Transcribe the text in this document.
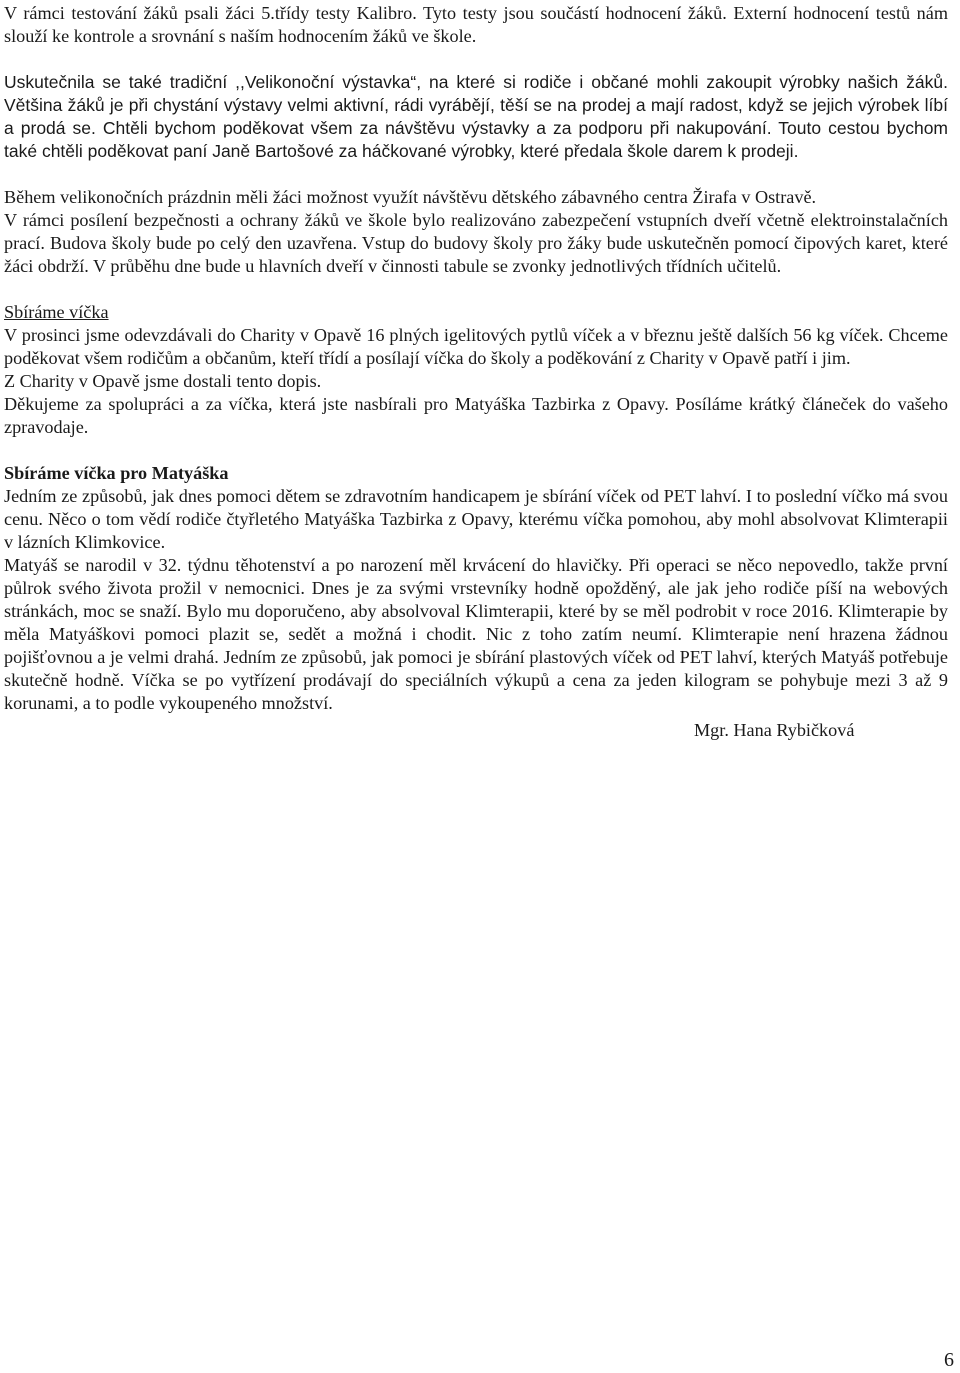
V rámci testování žáků psali žáci 5.třídy testy Kalibro. Tyto testy jsou součástí hodnocení žáků. Externí hodnocení testů nám slouží ke kontrole a srovnání s naším hodnocením žáků ve škole.

Uskutečnila se také tradiční ,,Velikonoční výstavka“, na které si rodiče i občané mohli zakoupit výrobky našich žáků. Většina žáků je při chystání výstavy velmi aktivní, rádi vyrábějí, těší se na prodej a mají radost, když se jejich výrobek líbí a prodá se. Chtěli bychom poděkovat všem za návštěvu výstavky a za podporu při nakupování. Touto cestou bychom také chtěli poděkovat paní Janě Bartošové za háčkované výrobky, které předala škole darem k prodeji.

Během velikonočních prázdnin měli žáci možnost využít návštěvu dětského zábavného centra Žirafa v Ostravě.

V rámci posílení bezpečnosti a ochrany žáků ve škole bylo realizováno zabezpečení vstupních dveří včetně elektroinstalačních prací. Budova školy bude po celý den uzavřena. Vstup do budovy školy pro žáky bude uskutečněn pomocí čipových karet, které žáci obdrží. V průběhu dne bude u hlavních dveří v činnosti tabule se zvonky jednotlivých třídních učitelů.

Sbíráme víčka

V prosinci jsme odevzdávali do Charity v Opavě 16 plných igelitových pytlů víček a v březnu ještě dalších 56 kg víček. Chceme poděkovat všem rodičům a občanům, kteří třídí a posílají víčka do školy a poděkování z Charity v Opavě patří i jim.

Z Charity v Opavě jsme dostali tento dopis.

Děkujeme za spolupráci a za víčka, která jste nasbírali pro Matyáška Tazbirka z Opavy. Posíláme krátký článeček do vašeho zpravodaje.

Sbíráme víčka pro Matyáška

Jedním ze způsobů, jak dnes pomoci dětem se zdravotním handicapem je sbírání víček od PET lahví. I to poslední víčko má svou cenu. Něco o tom vědí rodiče čtyřletého Matyáška Tazbirka z Opavy, kterému víčka pomohou, aby mohl absolvovat Klimterapii v lázních Klimkovice.

Matyáš se narodil v 32. týdnu těhotenství a po narození měl krvácení do hlavičky. Při operaci se něco nepovedlo, takže první půlrok svého života prožil v nemocnici. Dnes je za svými vrstevníky hodně opožděný, ale jak jeho rodiče píší na webových stránkách, moc se snaží. Bylo mu doporučeno, aby absolvoval Klimterapii, které by se měl podrobit v roce 2016. Klimterapie by měla Matyáškovi pomoci plazit se, sedět a možná i chodit. Nic z toho zatím neumí. Klimterapie není hrazena žádnou pojišťovnou a je velmi drahá. Jedním ze způsobů, jak pomoci je sbírání plastových víček od PET lahví, kterých Matyáš potřebuje skutečně hodně. Víčka se po vytřízení prodávají do speciálních výkupů a cena za jeden kilogram se pohybuje mezi 3 až 9 korunami, a to podle vykoupeného množství.

Mgr. Hana Rybičková

6
